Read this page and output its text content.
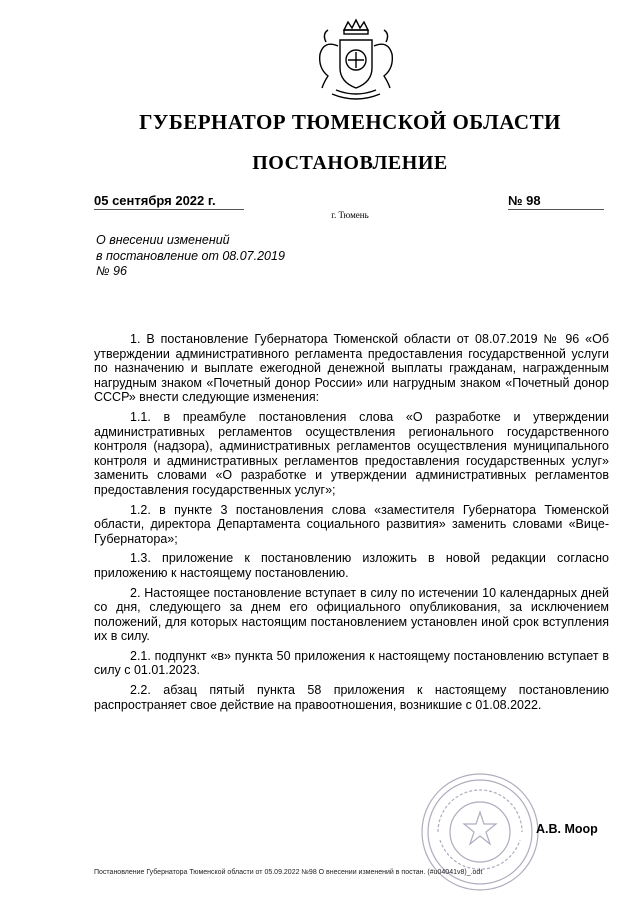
ГУБЕРНАТОР ТЮМЕНСКОЙ ОБЛАСТИ
ПОСТАНОВЛЕНИЕ
05 сентября 2022 г.	№ 98
г. Тюмень
О внесении изменений
в постановление от 08.07.2019
№ 96

1. В постановление Губернатора Тюменской области от 08.07.2019 № 96 «Об утверждении административного регламента предоставления государственной услуги по назначению и выплате ежегодной денежной выплаты гражданам, награжденным нагрудным знаком «Почетный донор России» или нагрудным знаком «Почетный донор СССР» внести следующие изменения:

1.1. в преамбуле постановления слова «О разработке и утверждении административных регламентов осуществления регионального государственного контроля (надзора), административных регламентов осуществления муниципального контроля и административных регламентов предоставления государственных услуг» заменить словами «О разработке и утверждении административных регламентов предоставления государственных услуг»;

1.2. в пункте 3 постановления слова «заместителя Губернатора Тюменской области, директора Департамента социального развития» заменить словами «Вице-Губернатора»;

1.3. приложение к постановлению изложить в новой редакции согласно приложению к настоящему постановлению.

2. Настоящее постановление вступает в силу по истечении 10 календарных дней со дня, следующего за днем его официального опубликования, за исключением положений, для которых настоящим постановлением установлен иной срок вступления их в силу.

2.1. подпункт «в» пункта 50 приложения к настоящему постановлению вступает в силу с 01.01.2023.

2.2. абзац пятый пункта 58 приложения к настоящему постановлению распространяет свое действие на правоотношения, возникшие с 01.08.2022.

А.В. Моор
Постановление Губернатора Тюменской области от 05.09.2022 №98 О внесении изменений в постан. (#u04041v8)_.odt
